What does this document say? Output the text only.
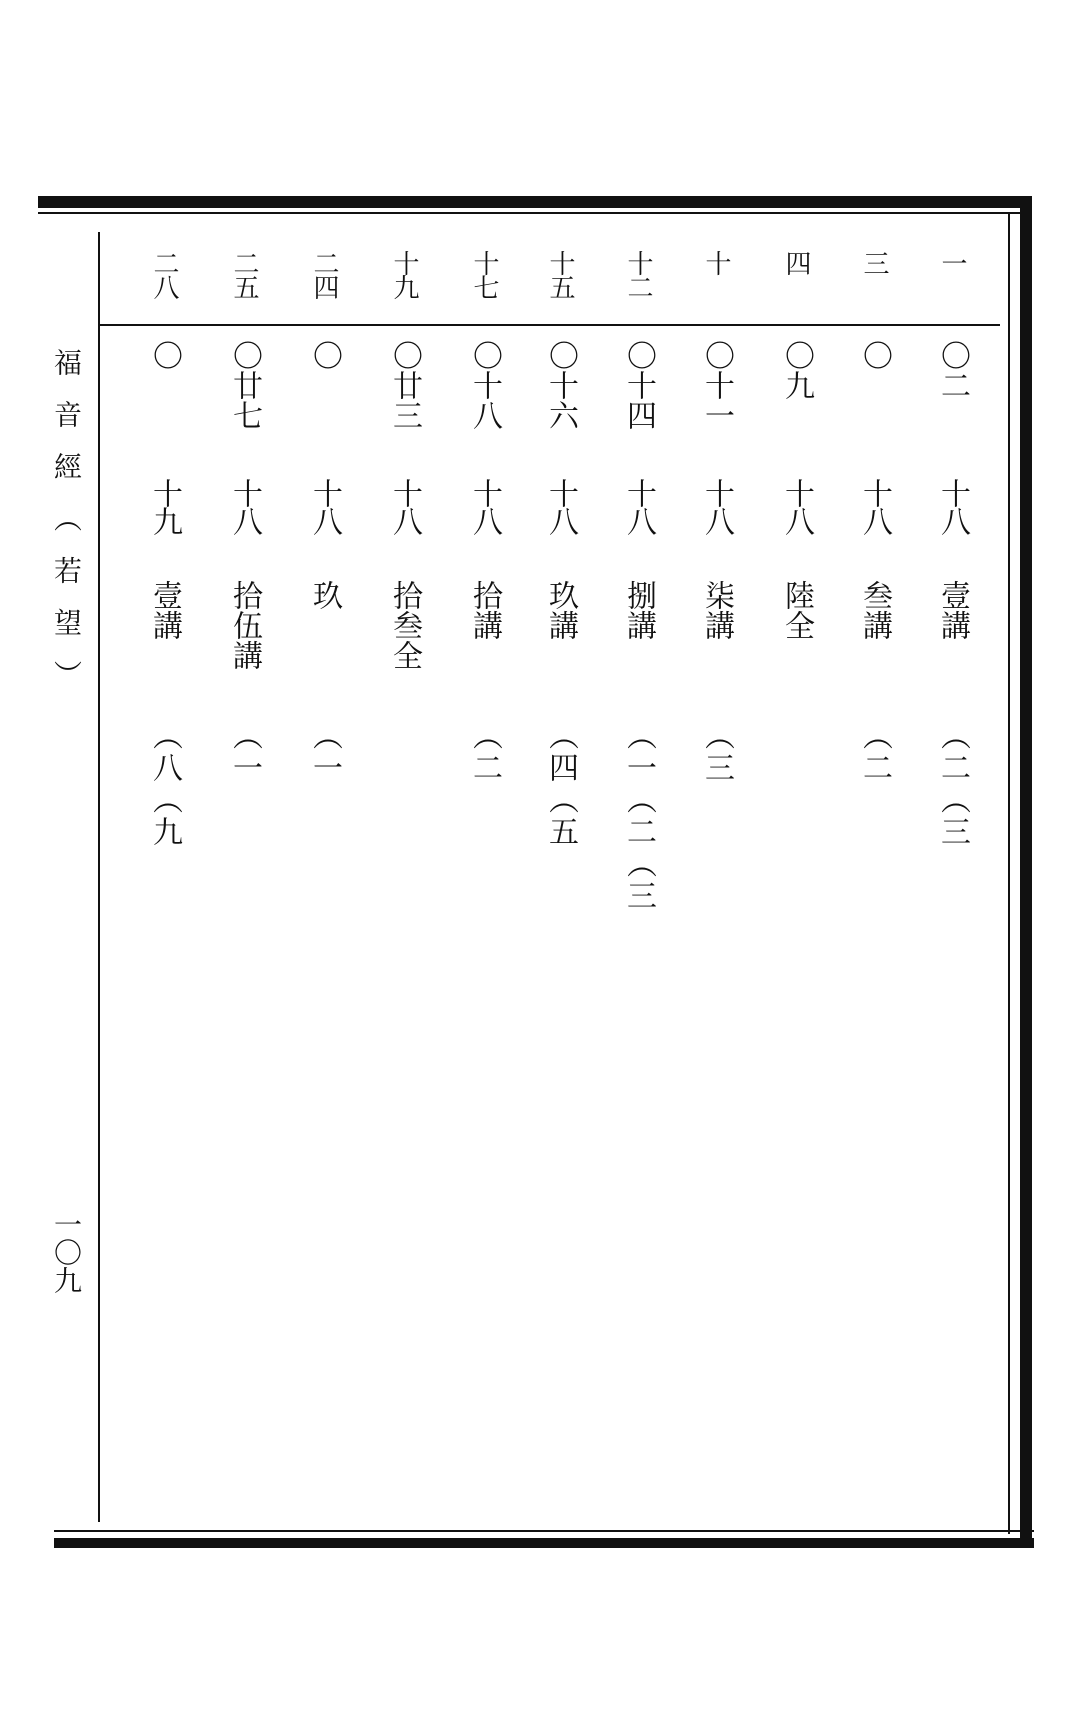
福音經（若望）
一〇九
一
〇二
十八
壹講
（二（三
三
〇
十八
叁講
（二
四
〇九
十八
陸全
十
〇十一
十八
柒講
（三
十二
〇十四
十八
捌講
（一（二（三
十五
〇十六
十八
玖講
（四（五
十七
〇十八
十八
拾講
（二
十九
〇廿三
十八
拾叁全
二四
〇
十八
玖
（一
二五
〇廿七
十八
拾伍講
（一
二八
〇
十九
壹講
（八（九
